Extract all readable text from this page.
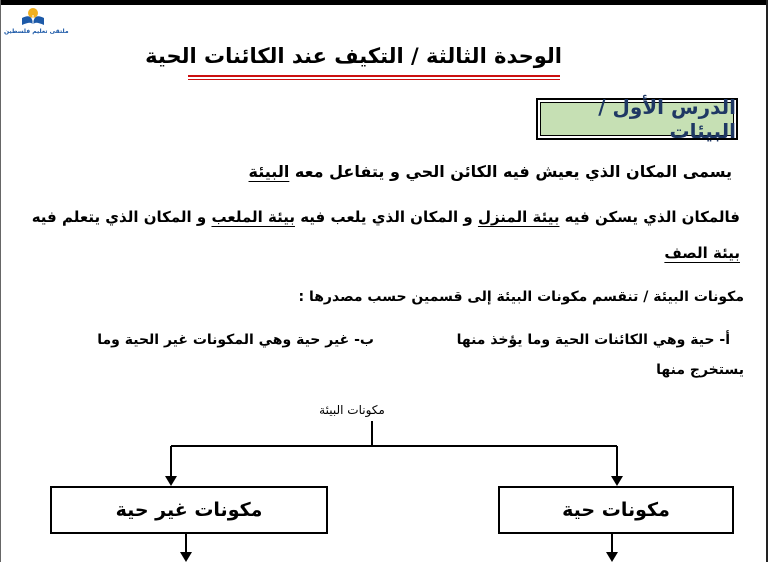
ملتقى تعليم فلسطين
الوحدة الثالثة / التكيف عند الكائنات الحية
الدرس الأول / البيئات
يسمى المكان الذي يعيش فيه الكائن الحي و يتفاعل معه البيئة
فالمكان الذي يسكن فيه بيئة المنزل و المكان الذي يلعب فيه بيئة الملعب و المكان الذي يتعلم فيه
بيئة الصف
مكونات البيئة / تنقسم مكونات البيئة إلى قسمين حسب مصدرها :
أ- حية وهي الكائنات الحية وما يؤخذ منها
ب- غير حية وهي المكونات غير الحية وما
يستخرج منها
مكونات البيئة
مكونات غير حية	مكونات حية
